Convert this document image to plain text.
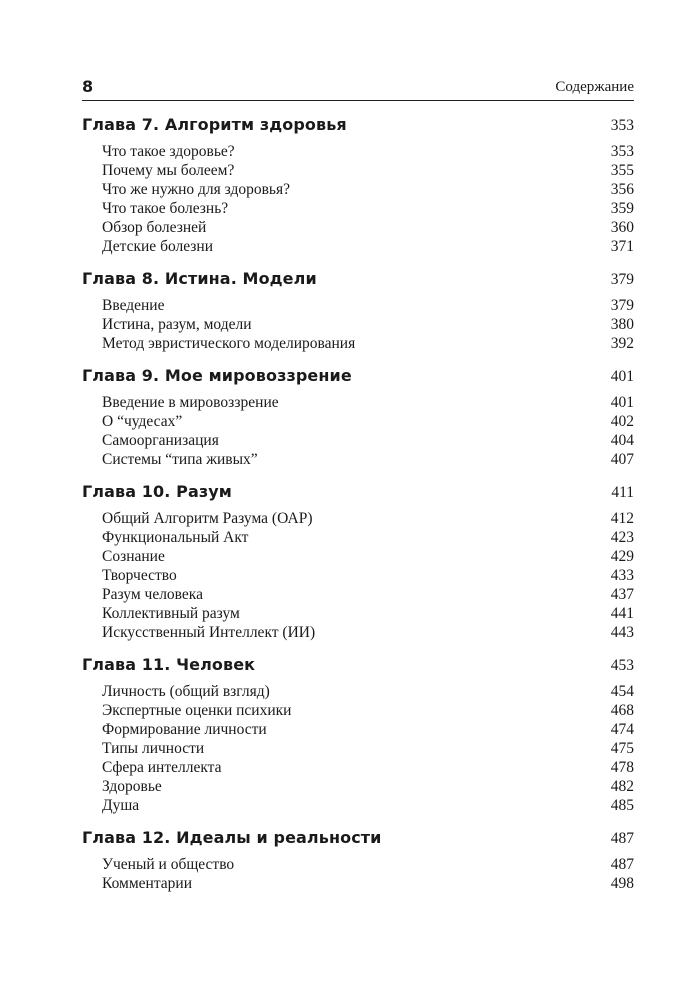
8	Содержание
Глава 7. Алгоритм здоровья	353
Что такое здоровье?	353
Почему мы болеем?	355
Что же нужно для здоровья?	356
Что такое болезнь?	359
Обзор болезней	360
Детские болезни	371
Глава 8. Истина. Модели	379
Введение	379
Истина, разум, модели	380
Метод эвристического моделирования	392
Глава 9. Мое мировоззрение	401
Введение в мировоззрение	401
О “чудесах”	402
Самоорганизация	404
Системы “типа живых”	407
Глава 10. Разум	411
Общий Алгоритм Разума (ОАР)	412
Функциональный Акт	423
Сознание	429
Творчество	433
Разум человека	437
Коллективный разум	441
Искусственный Интеллект (ИИ)	443
Глава 11. Человек	453
Личность (общий взгляд)	454
Экспертные оценки психики	468
Формирование личности	474
Типы личности	475
Сфера интеллекта	478
Здоровье	482
Душа	485
Глава 12. Идеалы и реальности	487
Ученый и общество	487
Комментарии	498
